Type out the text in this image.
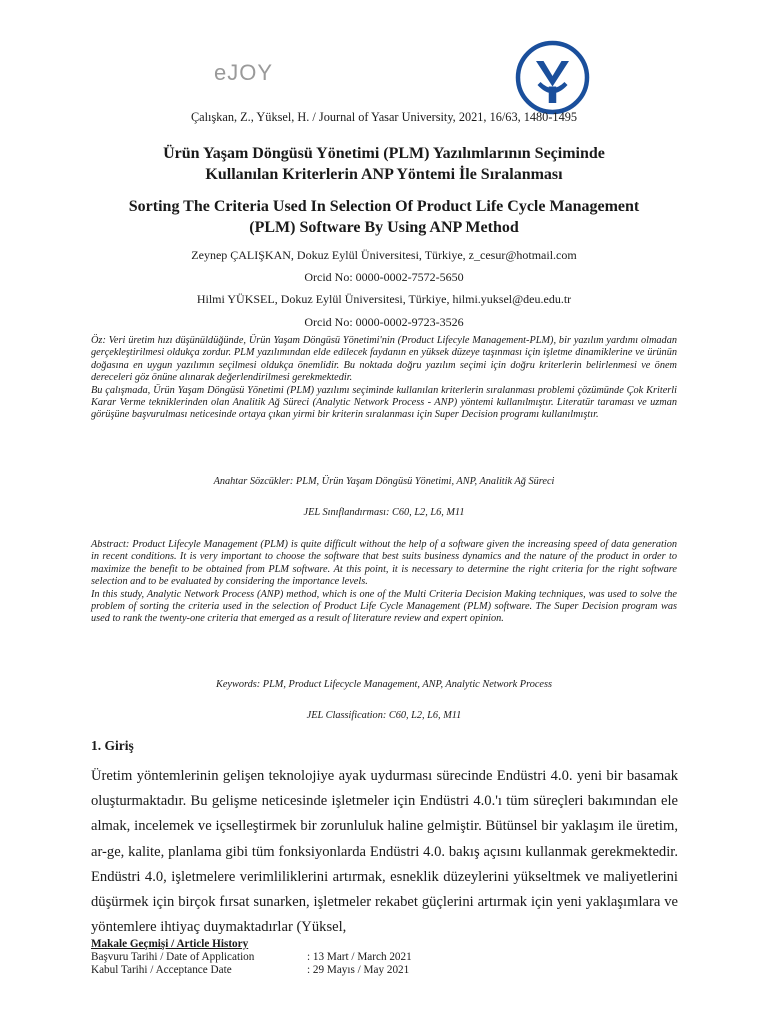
eJOY
Çalışkan, Z., Yüksel, H. / Journal of Yasar University, 2021, 16/63, 1480-1495
Ürün Yaşam Döngüsü Yönetimi (PLM) Yazılımlarının Seçiminde
Kullanılan Kriterlerin ANP Yöntemi İle Sıralanması
Sorting The Criteria Used In Selection Of Product Life Cycle Management
(PLM) Software By Using ANP Method
Zeynep ÇALIŞKAN, Dokuz Eylül Üniversitesi, Türkiye, z_cesur@hotmail.com
Orcid No: 0000-0002-7572-5650
Hilmi YÜKSEL, Dokuz Eylül Üniversitesi, Türkiye, hilmi.yuksel@deu.edu.tr
Orcid No: 0000-0002-9723-3526

Öz: Veri üretim hızı düşünüldüğünde, Ürün Yaşam Döngüsü Yönetimi'nin (Product Lifecyle Management-PLM), bir yazılım yardımı olmadan gerçekleştirilmesi oldukça zordur. PLM yazılımından elde edilecek faydanın en yüksek düzeye taşınması için işletme dinamiklerine ve ürünün doğasına en uygun yazılımın seçilmesi oldukça önemlidir. Bu noktada doğru yazılım seçimi için doğru kriterlerin belirlenmesi ve önem dereceleri göz önüne alınarak değerlendirilmesi gerekmektedir.

Bu çalışmada, Ürün Yaşam Döngüsü Yönetimi (PLM) yazılımı seçiminde kullanılan kriterlerin sıralanması problemi çözümünde Çok Kriterli Karar Verme tekniklerinden olan Analitik Ağ Süreci (Analytic Network Process - ANP) yöntemi kullanılmıştır. Literatür taraması ve uzman görüşüne başvurulması neticesinde ortaya çıkan yirmi bir kriterin sıralanması için Super Decision programı kullanılmıştır.

Anahtar Sözcükler: PLM, Ürün Yaşam Döngüsü Yönetimi, ANP, Analitik Ağ Süreci
JEL Sınıflandırması: C60, L2, L6, M11

Abstract: Product Lifecyle Management (PLM) is quite difficult without the help of a software given the increasing speed of data generation in recent conditions. It is very important to choose the software that best suits business dynamics and the nature of the product in order to maximize the benefit to be obtained from PLM software. At this point, it is necessary to determine the right criteria for the right software selection and to be evaluated by considering the importance levels.

In this study, Analytic Network Process (ANP) method, which is one of the Multi Criteria Decision Making techniques, was used to solve the problem of sorting the criteria used in the selection of Product Life Cycle Management (PLM) software. The Super Decision program was used to rank the twenty-one criteria that emerged as a result of literature review and expert opinion.

Keywords: PLM, Product Lifecycle Management, ANP, Analytic Network Process
JEL Classification: C60, L2, L6, M11
1. Giriş

Üretim yöntemlerinin gelişen teknolojiye ayak uydurması sürecinde Endüstri 4.0. yeni bir basamak oluşturmaktadır. Bu gelişme neticesinde işletmeler için Endüstri 4.0.'ı tüm süreçleri bakımından ele almak, incelemek ve içselleştirmek bir zorunluluk haline gelmiştir. Bütünsel bir yaklaşım ile üretim, ar-ge, kalite, planlama gibi tüm fonksiyonlarda Endüstri 4.0. bakış açısını kullanmak gerekmektedir. Endüstri 4.0, işletmelere verimliliklerini artırmak, esneklik düzeylerini yükseltmek ve maliyetlerini düşürmek için birçok fırsat sunarken, işletmeler rekabet güçlerini artırmak için yeni yaklaşımlara ve yöntemlere ihtiyaç duymaktadırlar (Yüksel,

Makale Geçmişi / Article History
Başvuru Tarihi / Date of Application	: 13 Mart / March 2021
Kabul Tarihi / Acceptance Date	: 29 Mayıs / May 2021
